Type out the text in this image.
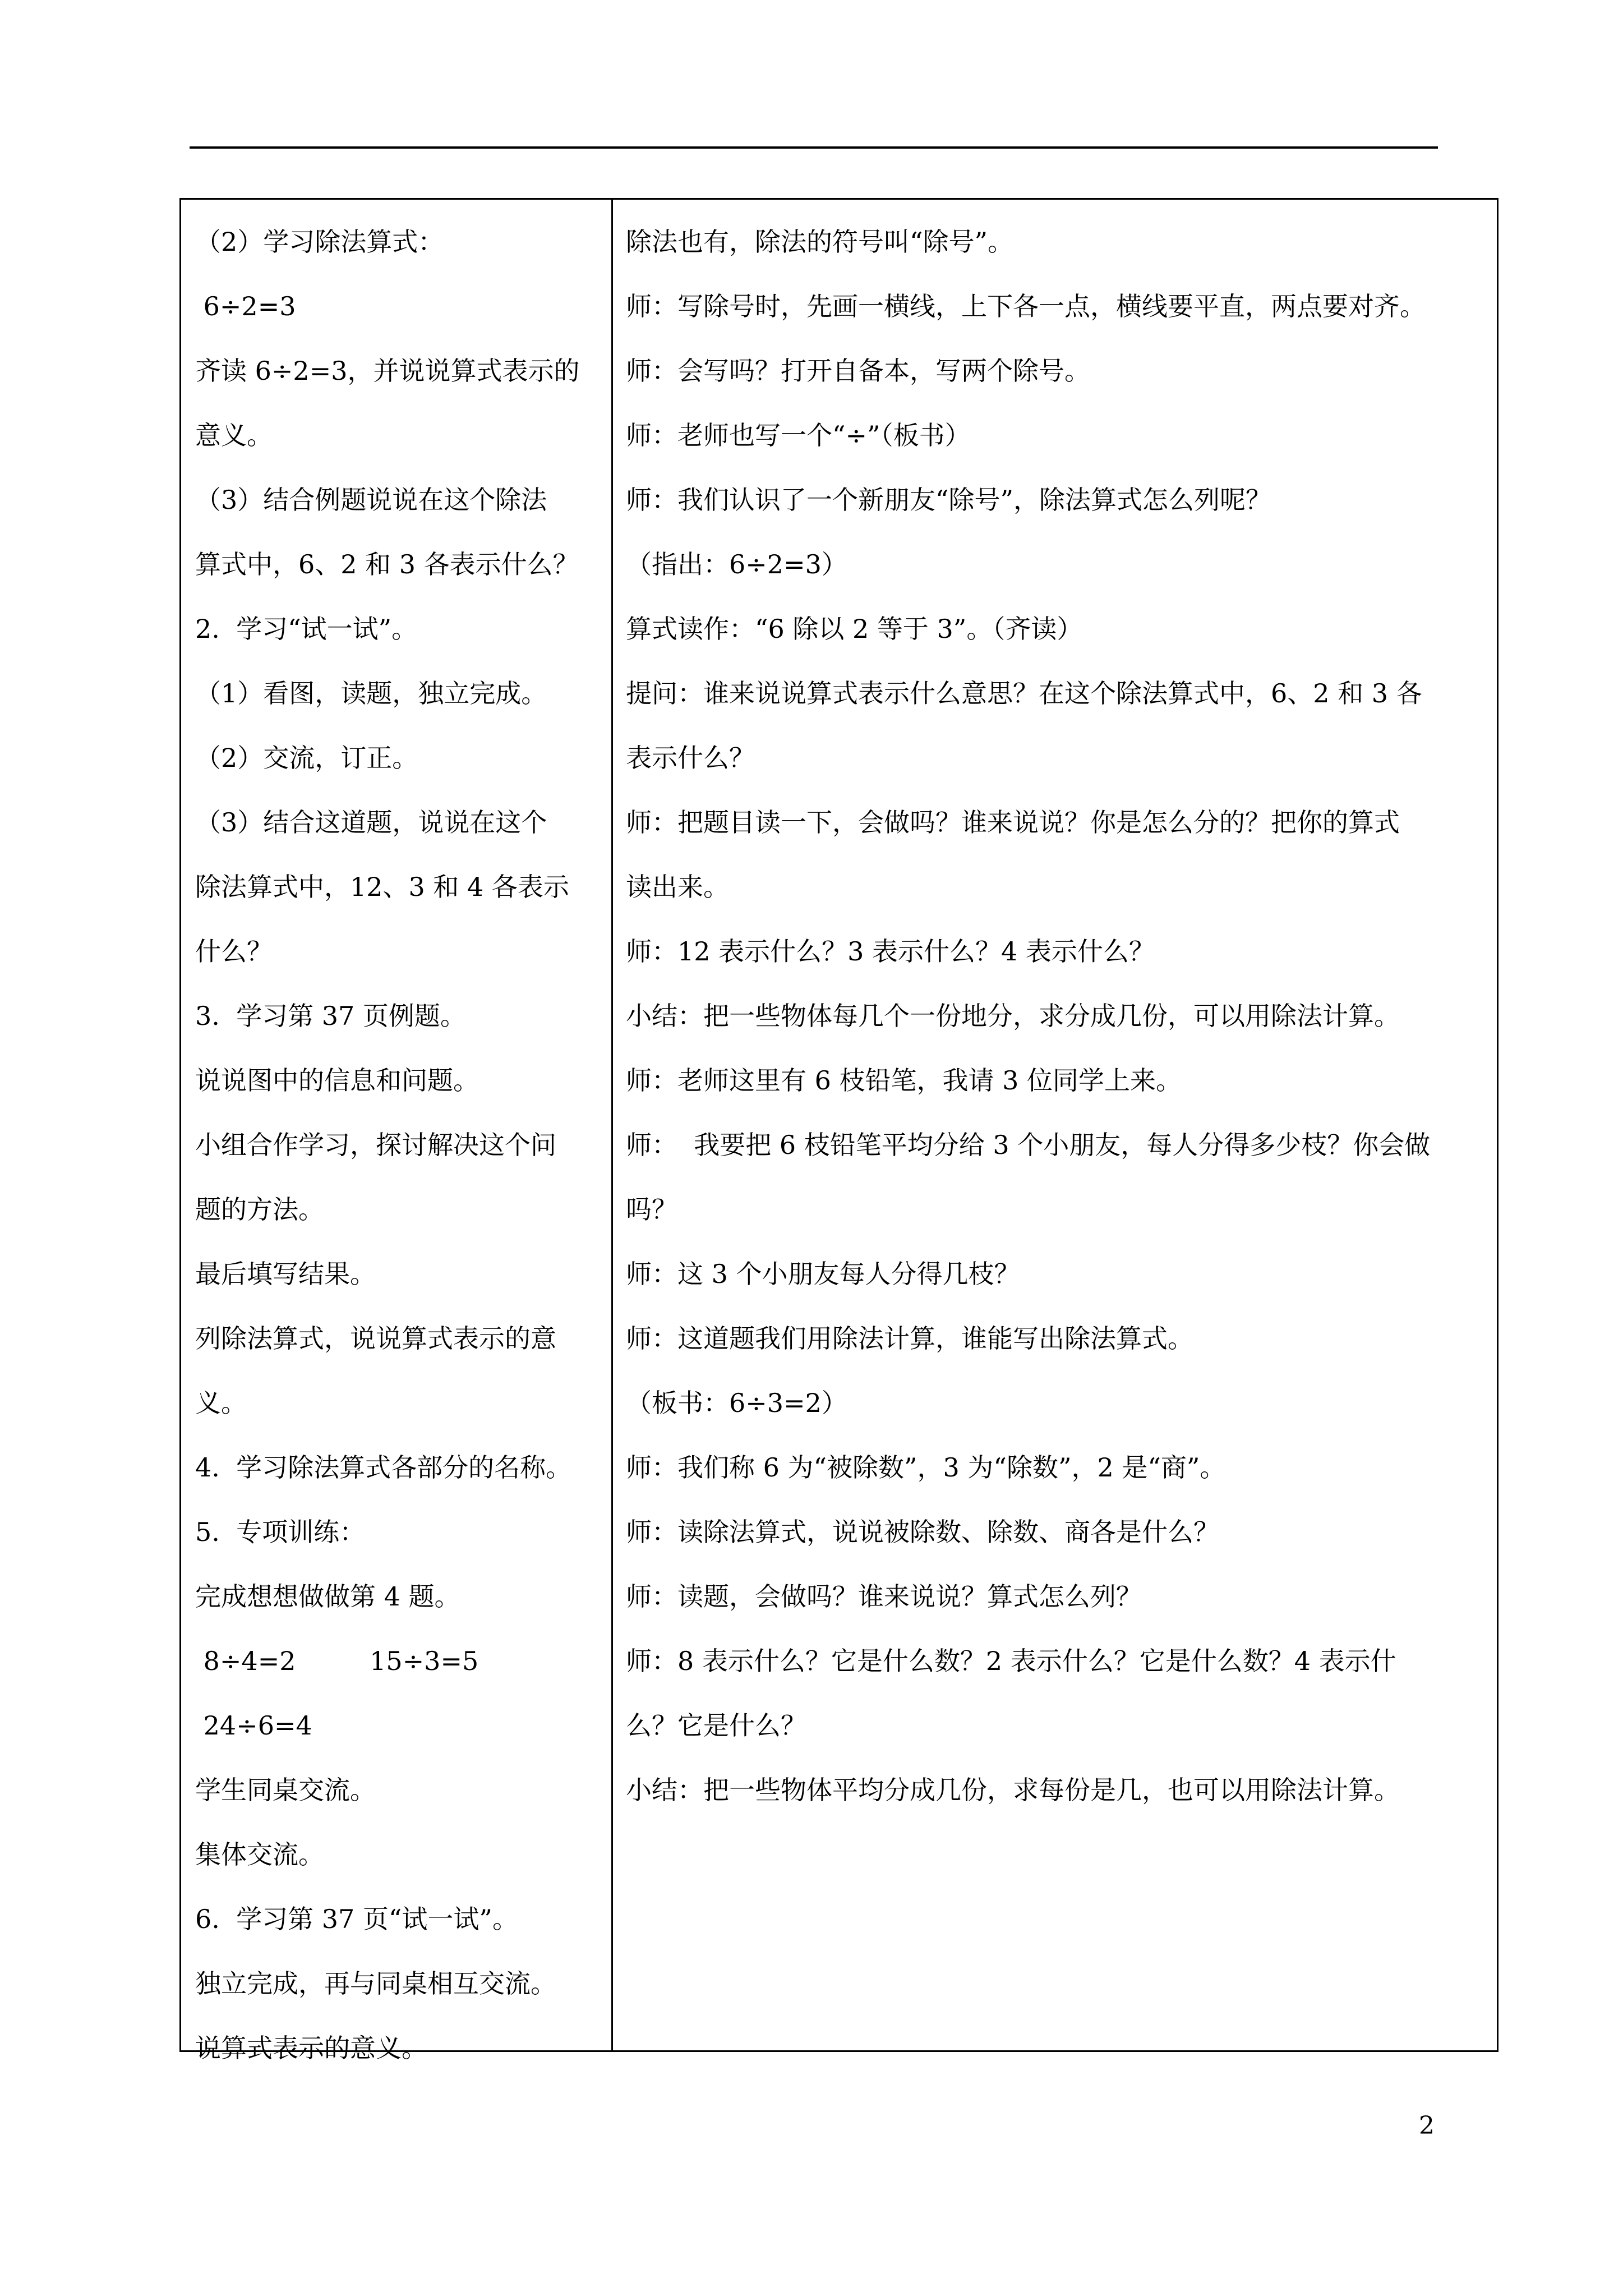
（2）学习除法算式：
6÷2=3
齐读 6÷2=3，并说说算式表示的
意义。
（3）结合例题说说在这个除法
算式中，6、2 和 3 各表示什么？
2.  学习“试一试”。
（1）看图，读题，独立完成。
（2）交流，订正。
（3）结合这道题，说说在这个
除法算式中，12、3 和 4 各表示
什么？
3.  学习第 37 页例题。
说说图中的信息和问题。
小组合作学习，探讨解决这个问
题的方法。
最后填写结果。
列除法算式，说说算式表示的意
义。
4.  学习除法算式各部分的名称。
5.  专项训练：
完成想想做做第 4 题。
8÷4=2         15÷3=5
24÷6=4
学生同桌交流。
集体交流。
6.  学习第 37 页“试一试”。
独立完成，再与同桌相互交流。
说算式表示的意义。
除法也有，除法的符号叫“除号”。
师：写除号时，先画一横线，上下各一点，横线要平直，两点要对齐。
师：会写吗？打开自备本，写两个除号。
师：老师也写一个“÷”（板书）
师：我们认识了一个新朋友“除号”，除法算式怎么列呢？
（指出：6÷2=3）
算式读作：“6 除以 2 等于 3”。（齐读）
提问：谁来说说算式表示什么意思？在这个除法算式中，6、2 和 3 各
表示什么？
师：把题目读一下，会做吗？谁来说说？你是怎么分的？把你的算式
读出来。
师：12 表示什么？3 表示什么？4 表示什么？
小结：把一些物体每几个一份地分，求分成几份，可以用除法计算。
师：老师这里有 6 枝铅笔，我请 3 位同学上来。
师：  我要把 6 枝铅笔平均分给 3 个小朋友，每人分得多少枝？你会做
吗？
师：这 3 个小朋友每人分得几枝？
师：这道题我们用除法计算，谁能写出除法算式。
（板书：6÷3=2）
师：我们称 6 为“被除数”，3 为“除数”，2 是“商”。
师：读除法算式，说说被除数、除数、商各是什么？
师：读题，会做吗？谁来说说？算式怎么列？
师：8 表示什么？它是什么数？2 表示什么？它是什么数？4 表示什
么？它是什么？
小结：把一些物体平均分成几份，求每份是几，也可以用除法计算。
2
